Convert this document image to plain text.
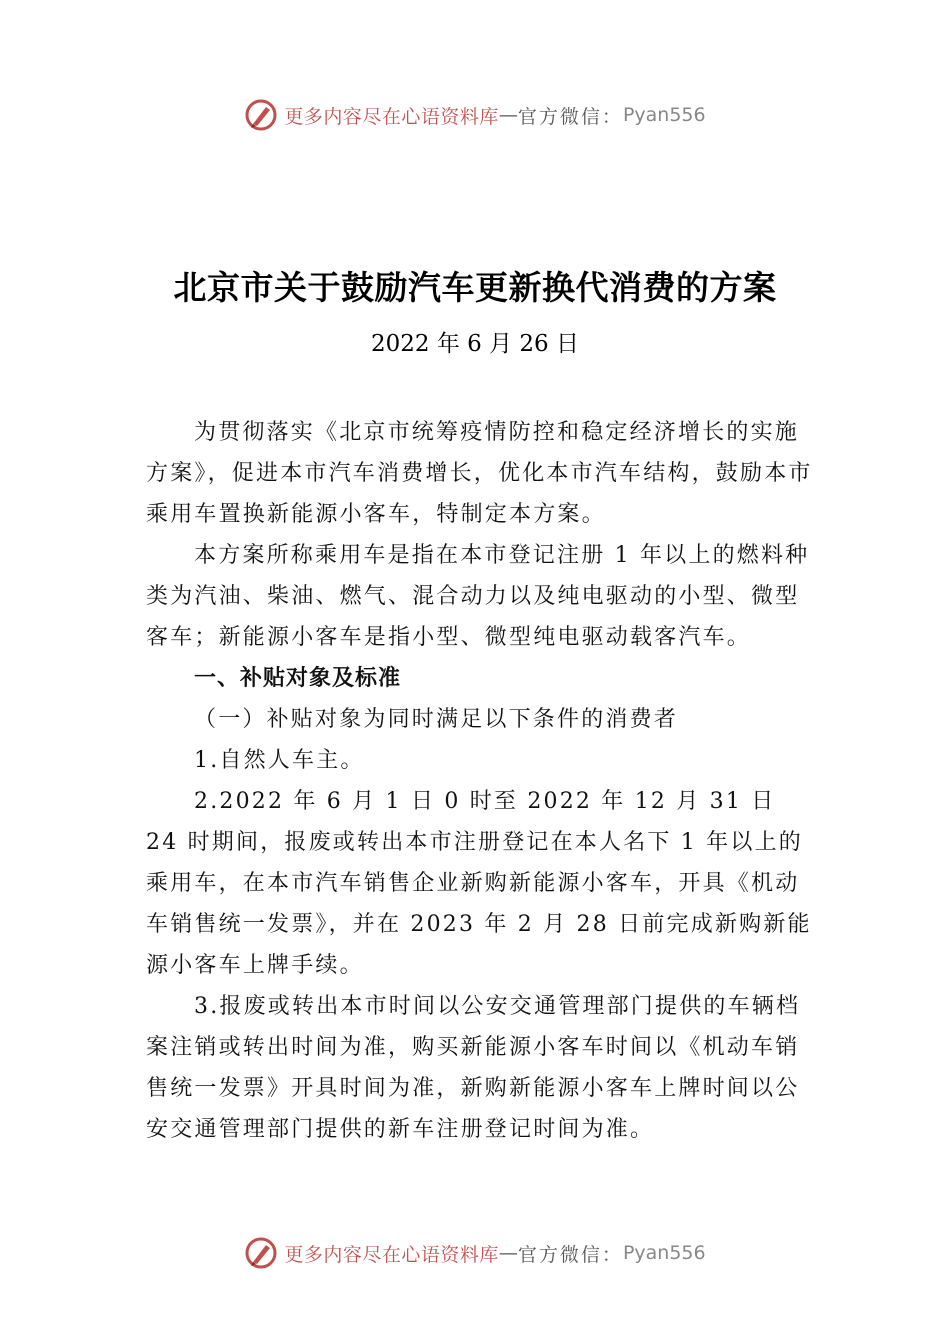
更多内容尽在心语资料库 — 官方微信： Pyan556
北京市关于鼓励汽车更新换代消费的方案
2022 年 6 月 26 日

为贯彻落实《北京市统筹疫情防控和稳定经济增长的实施方案》，促进本市汽车消费增长，优化本市汽车结构，鼓励本市乘用车置换新能源小客车，特制定本方案。

本方案所称乘用车是指在本市登记注册 1 年以上的燃料种类为汽油、柴油、燃气、混合动力以及纯电驱动的小型、微型客车；新能源小客车是指小型、微型纯电驱动载客汽车。

一、补贴对象及标准

（一）补贴对象为同时满足以下条件的消费者

1.自然人车主。

2.2022 年 6 月 1 日 0 时至 2022 年 12 月 31 日 24 时期间，报废或转出本市注册登记在本人名下 1 年以上的乘用车，在本市汽车销售企业新购新能源小客车，开具《机动车销售统一发票》，并在 2023 年 2 月 28 日前完成新购新能源小客车上牌手续。

3.报废或转出本市时间以公安交通管理部门提供的车辆档案注销或转出时间为准，购买新能源小客车时间以《机动车销售统一发票》开具时间为准，新购新能源小客车上牌时间以公安交通管理部门提供的新车注册登记时间为准。

更多内容尽在心语资料库 — 官方微信： Pyan556
